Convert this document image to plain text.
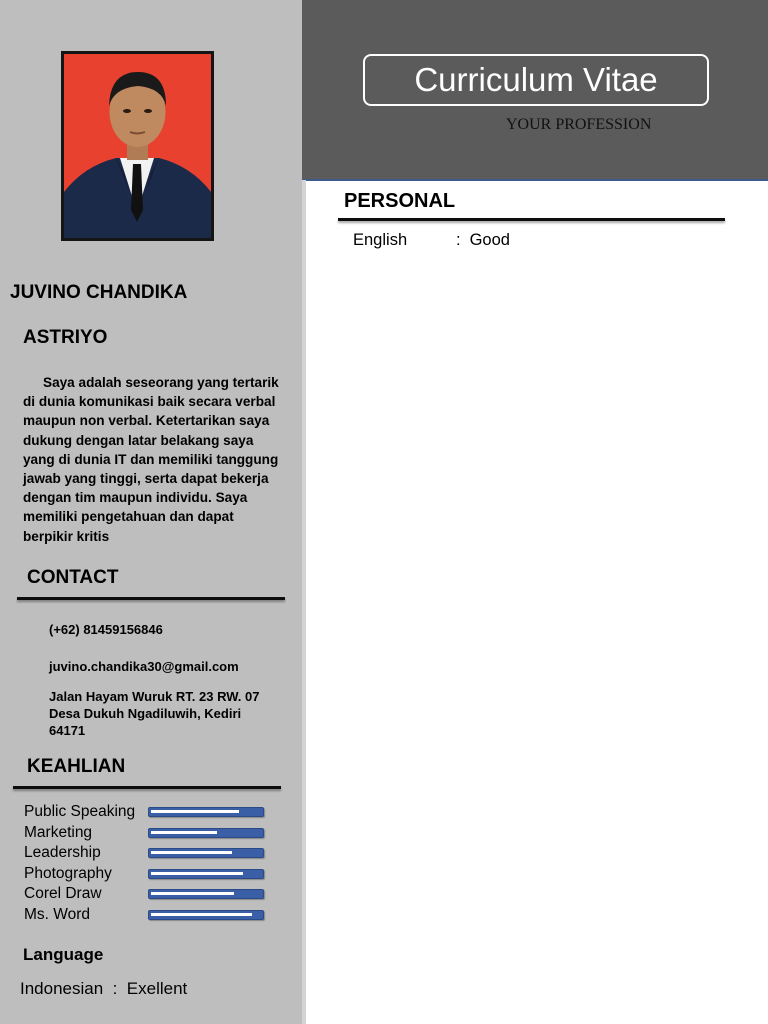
JUVINO CHANDIKA
ASTRIYO
Saya adalah seseorang yang tertarik di dunia komunikasi baik secara verbal maupun non verbal. Ketertarikan saya dukung dengan latar belakang saya yang di dunia IT dan memiliki tanggung jawab yang tinggi, serta dapat bekerja dengan tim maupun individu. Saya memiliki pengetahuan dan dapat berpikir kritis
CONTACT
(+62) 81459156846
juvino.chandika30@gmail.com
Jalan Hayam Wuruk RT. 23 RW. 07
Desa Dukuh Ngadiluwih, Kediri
64171
KEAHLIAN
Public Speaking
Marketing
Leadership
Photography
Corel Draw
Ms. Word
Language
Indonesian  :  Exellent
Curriculum Vitae
YOUR PROFESSION
PERSONAL
English	: Good
